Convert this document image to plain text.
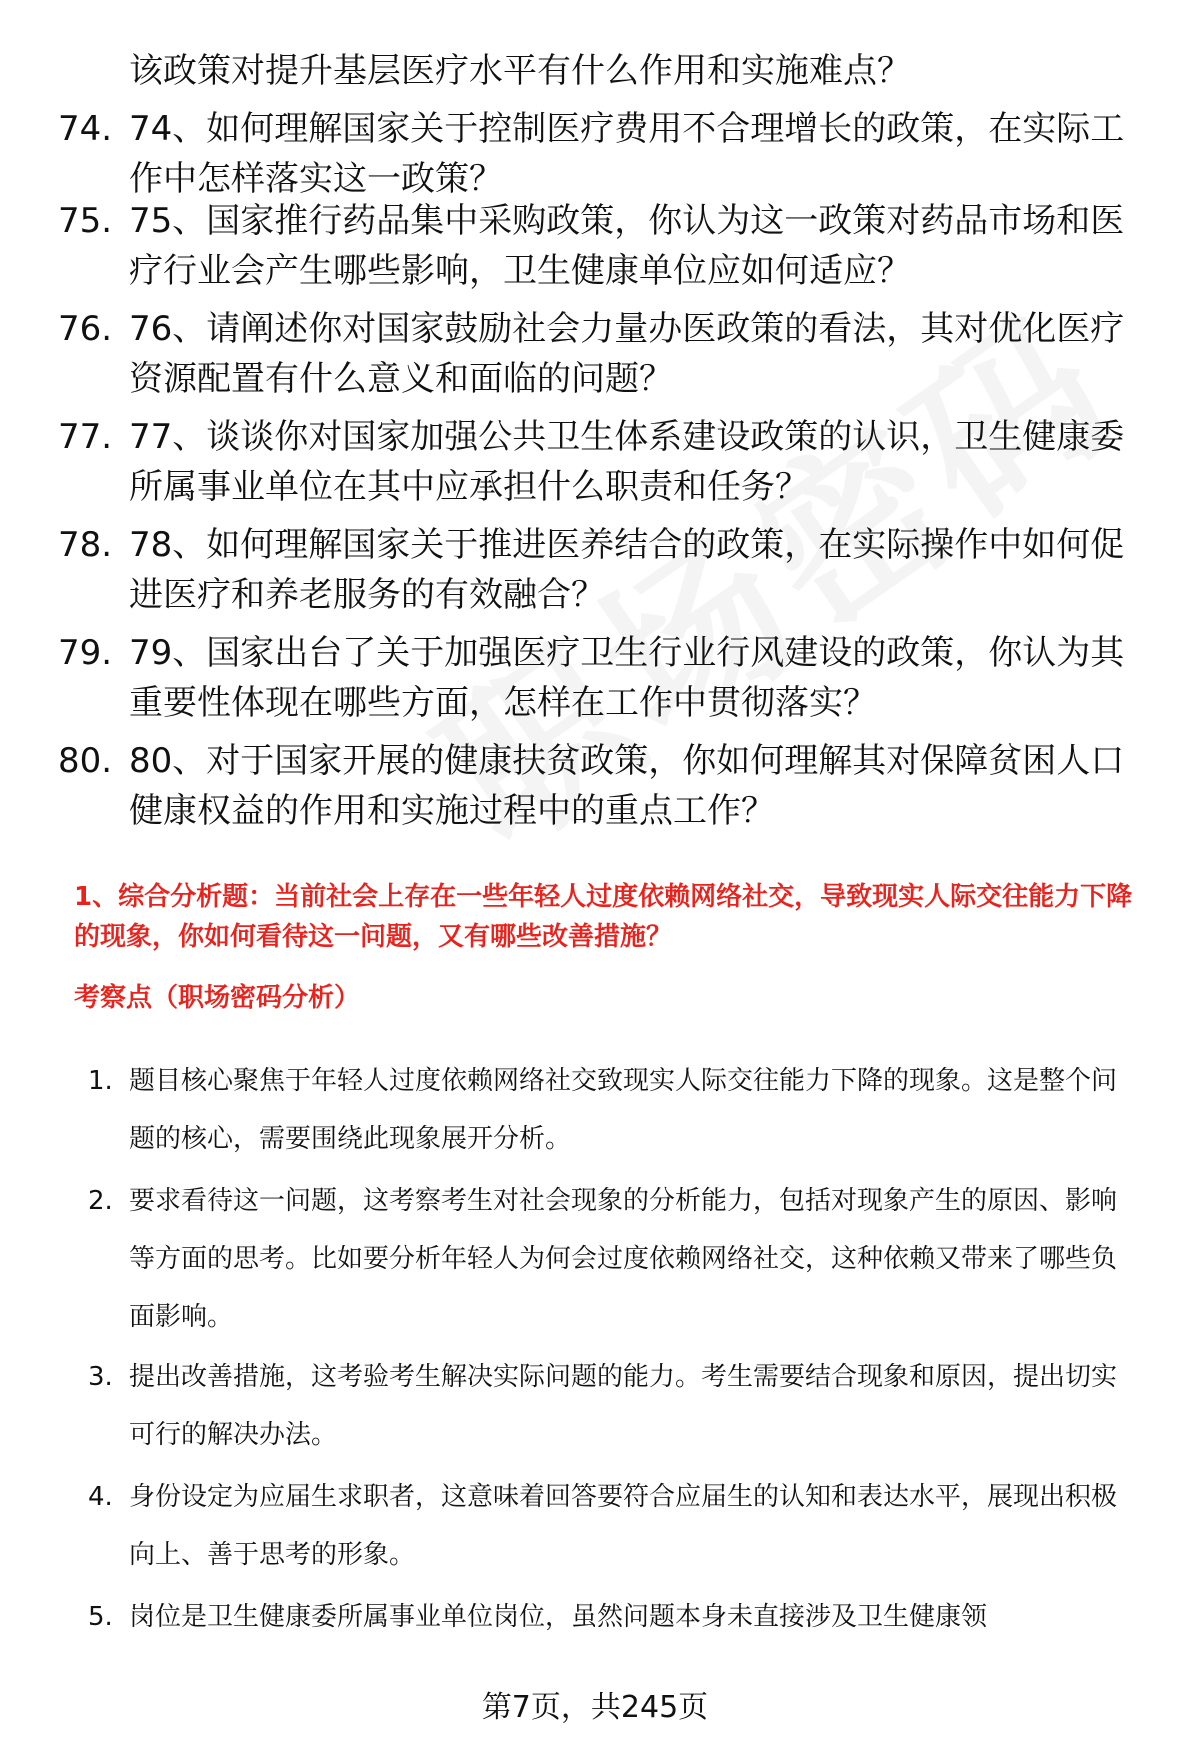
该政策对提升基层医疗水平有什么作用和实施难点？

74. 74、如何理解国家关于控制医疗费用不合理增长的政策，在实际工作中怎样落实这一政策？

75. 75、国家推行药品集中采购政策，你认为这一政策对药品市场和医疗行业会产生哪些影响，卫生健康单位应如何适应？

76. 76、请阐述你对国家鼓励社会力量办医政策的看法，其对优化医疗资源配置有什么意义和面临的问题？

77. 77、谈谈你对国家加强公共卫生体系建设政策的认识，卫生健康委所属事业单位在其中应承担什么职责和任务？

78. 78、如何理解国家关于推进医养结合的政策，在实际操作中如何促进医疗和养老服务的有效融合？

79. 79、国家出台了关于加强医疗卫生行业行风建设的政策，你认为其重要性体现在哪些方面，怎样在工作中贯彻落实？

80. 80、对于国家开展的健康扶贫政策，你如何理解其对保障贫困人口健康权益的作用和实施过程中的重点工作？

1、综合分析题：当前社会上存在一些年轻人过度依赖网络社交，导致现实人际交往能力下降的现象，你如何看待这一问题，又有哪些改善措施？
考察点（职场密码分析）
1. 题目核心聚焦于年轻人过度依赖网络社交致现实人际交往能力下降的现象。这是整个问题的核心，需要围绕此现象展开分析。

2. 要求看待这一问题，这考察考生对社会现象的分析能力，包括对现象产生的原因、影响等方面的思考。比如要分析年轻人为何会过度依赖网络社交，这种依赖又带来了哪些负面影响。

3. 提出改善措施，这考验考生解决实际问题的能力。考生需要结合现象和原因，提出切实可行的解决办法。

4. 身份设定为应届生求职者，这意味着回答要符合应届生的认知和表达水平，展现出积极向上、善于思考的形象。

5. 岗位是卫生健康委所属事业单位岗位，虽然问题本身未直接涉及卫生健康领

第7页，共245页
